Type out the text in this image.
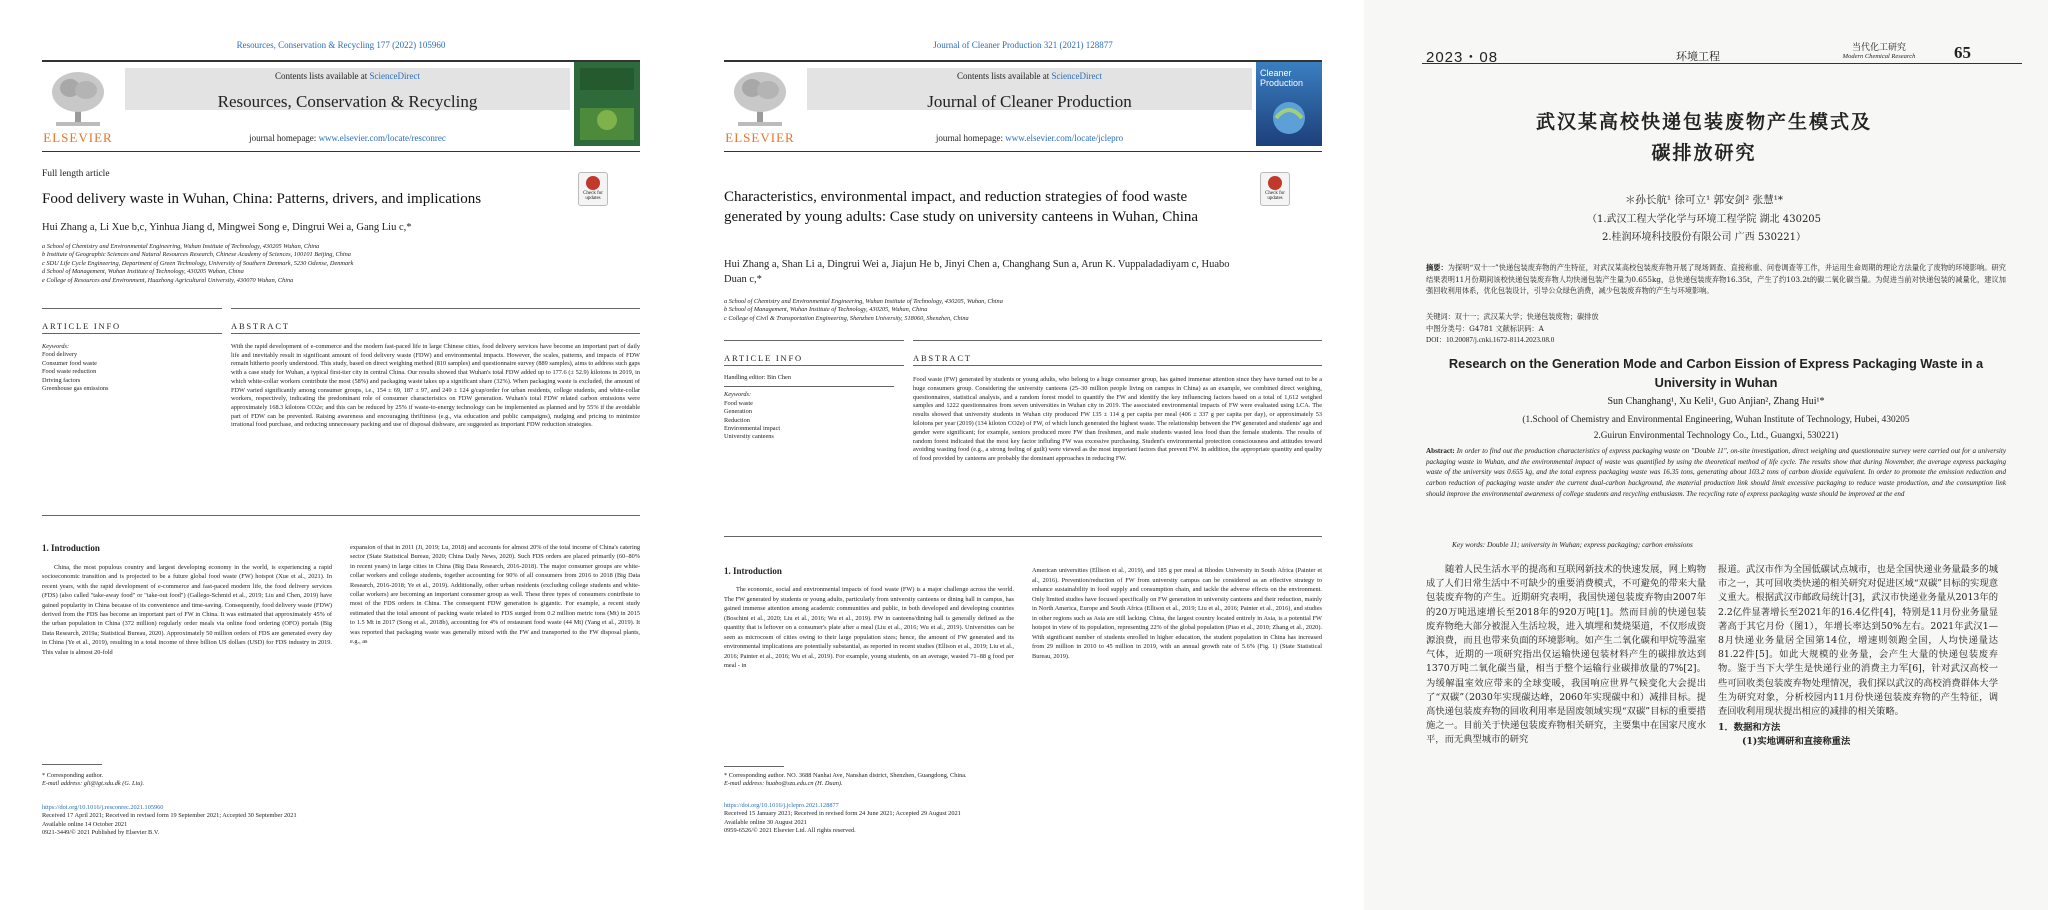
Resources, Conservation & Recycling 177 (2022) 105960
ELSEVIER
Contents lists available at ScienceDirect
Resources, Conservation & Recycling
journal homepage: www.elsevier.com/locate/resconrec
Full length article
Check for updates
Food delivery waste in Wuhan, China: Patterns, drivers, and implications
Hui Zhang a, Li Xue b,c, Yinhua Jiang d, Mingwei Song e, Dingrui Wei a, Gang Liu c,*
a School of Chemistry and Environmental Engineering, Wuhan Institute of Technology, 430205 Wuhan, China
b Institute of Geographic Sciences and Natural Resources Research, Chinese Academy of Sciences, 100101 Beijing, China
c SDU Life Cycle Engineering, Department of Green Technology, University of Southern Denmark, 5230 Odense, Denmark
d School of Management, Wuhan Institute of Technology, 430205 Wuhan, China
e College of Resources and Environment, Huazhong Agricultural University, 430070 Wuhan, China
ARTICLE INFO	ABSTRACT
Keywords:
Food delivery
Consumer food waste
Food waste reduction
Driving factors
Greenhouse gas emissions
With the rapid development of e-commerce and the modern fast-paced life in large Chinese cities, food delivery services have become an important part of daily life and inevitably result in significant amount of food delivery waste (FDW) and environmental impacts. However, the scales, patterns, and impacts of FDW remain hitherto poorly understood. This study, based on direct weighing method (810 samples) and questionnaire survey (889 samples), aims to address such gaps with a case study for Wuhan, a typical first-tier city in central China. Our results showed that Wuhan's total FDW added up to 177.6 (± 52.9) kilotons in 2019, in which white-collar workers contribute the most (58%) and packaging waste takes up a significant share (32%). When packaging waste is excluded, the amount of FDW varied significantly among consumer groups, i.e., 154 ± 69, 187 ± 97, and 249 ± 124 g/cap/order for urban residents, college students, and white-collar workers, respectively, indicating the predominant role of consumer characteristics on FDW generation. Wuhan's total FDW related carbon emissions were approximately 168.3 kilotons CO2e; and this can be reduced by 25% if waste-to-energy technology can be implemented as planned and by 55% if the avoidable part of FDW can be prevented. Raising awareness and encouraging thriftiness (e.g., via education and public campaigns), nudging and pricing to minimize irrational food purchase, and reducing unnecessary packing and use of disposal dishware, are suggested as important FDW reduction strategies.
1. Introduction
China, the most populous country and largest developing economy in the world, is experiencing a rapid socioeconomic transition and is projected to be a future global food waste (FW) hotspot (Xue et al., 2021). In recent years, with the rapid development of e-commerce and fast-paced modern life, the food delivery services (FDS) (also called "take-away food" or "take-out food") (Gallego-Schmid et al., 2019; Liu and Chen, 2019) have gained popularity in China because of its convenience and time-saving. Consequently, food delivery waste (FDW) derived from the FDS has become an important part of FW in China. It was estimated that approximately 45% of the urban population in China (372 million) regularly order meals via online food ordering (OFO) portals (Big Data Research, 2019a; Statistical Bureau, 2020). Approximately 50 million orders of FDS are generated every day in China (Ye et al., 2019), resulting in a total income of three billion US dollars (USD) for FDS industry in 2019. This value is almost 20-fold
expansion of that in 2011 (Ji, 2019; Lu, 2018) and accounts for almost 20% of the total income of China's catering sector (State Statistical Bureau, 2020; China Daily News, 2020). Such FDS orders are placed primarily (60–80% in recent years) in large cities in China (Big Data Research, 2016-2018). The major consumer groups are white-collar workers and college students, together accounting for 90% of all consumers from 2016 to 2018 (Big Data Research, 2016-2018; Ye et al., 2019). Additionally, other urban residents (excluding college students and white-collar workers) are becoming an important consumer group as well. These three types of consumers contribute to most of the FDS orders in China. The consequent FDW generation is gigantic. For example, a recent study estimated that the total amount of packing waste related to FDS surged from 0.2 million metric tons (Mt) in 2015 to 1.5 Mt in 2017 (Song et al., 2018b), accounting for 4% of restaurant food waste (44 Mt) (Yang et al., 2019). It was reported that packaging waste was generally mixed with the FW and transported to the FW disposal plants, e.g., as
* Corresponding author.
E-mail address: gli@igt.sdu.dk (G. Liu).
https://doi.org/10.1016/j.resconrec.2021.105960
Received 17 April 2021; Received in revised form 19 September 2021; Accepted 30 September 2021
Available online 14 October 2021
0921-3449/© 2021 Published by Elsevier B.V.
Journal of Cleaner Production 321 (2021) 128877
ELSEVIER
Contents lists available at ScienceDirect
Journal of Cleaner Production
journal homepage: www.elsevier.com/locate/jclepro
Cleaner Production
Check for updates
Characteristics, environmental impact, and reduction strategies of food waste generated by young adults: Case study on university canteens in Wuhan, China
Hui Zhang a, Shan Li a, Dingrui Wei a, Jiajun He b, Jinyi Chen a, Changhang Sun a, Arun K. Vuppaladadiyam c, Huabo Duan c,*
a School of Chemistry and Environmental Engineering, Wuhan Institute of Technology, 430205, Wuhan, China
b School of Management, Wuhan Institute of Technology, 430205, Wuhan, China
c College of Civil & Transportation Engineering, Shenzhen University, 518060, Shenzhen, China
ARTICLE INFO	ABSTRACT
Handling editor: Bin Chen
Keywords:
Food waste
Generation
Reduction
Environmental impact
University canteens
Food waste (FW) generated by students or young adults, who belong to a huge consumer group, has gained immense attention since they have turned out to be a huge consumers group. Considering the university canteens (25–30 million people living on campus in China) as an example, we combined direct weighing, questionnaires, statistical analysis, and a random forest model to quantify the FW and identify the key influencing factors based on a total of 1,612 weighed samples and 1222 questionnaires from seven universities in Wuhan city in 2019. The associated environmental impacts of FW were evaluated using LCA. The results showed that university students in Wuhan city produced FW 135 ± 114 g per capita per meal (406 ± 337 g per capita per day), or approximately 53 kilotons per year (2019) (134 kiloton CO2e) of FW, of which lunch generated the highest waste. The relationship between the FW generated and students' age and gender were significant; for example, seniors produced more FW than freshmen, and male students wasted less food than the female students. The results of random forest indicated that the most key factor influfing FW was excessive purchasing. Student's environmental protection consciousness and attitudes toward avoiding wasting food (e.g., a strong feeling of guilt) were viewed as the most important factors that prevent FW. In addition, the appropriate quantity and quality of food provided by canteens are probably the dominant approaches in reducing FW.
1. Introduction
The economic, social and environmental impacts of food waste (FW) is a major challenge across the world. The FW generated by students or young adults, particularly from university canteens or dining hall in campus, has gained immense attention among academic communities and public, in both developed and developing countries (Boschini et al., 2020; Liu et al., 2016; Wu et al., 2019). FW in canteens/dining hall is generally defined as the quantity that is leftover on a consumer's plate after a meal (Liu et al., 2016; Wu et al., 2019). Universities can be seen as microcosm of cities owing to their large population sizes; hence, the amount of FW generated and its environmental implications are potentially substantial, as reported in recent studies (Ellison et al., 2019; Liu et al., 2016; Painter et al., 2016; Wu et al., 2019). For example, young students, on an average, wasted 71–88 g food per meal - in
American universities (Ellison et al., 2019), and 185 g per meal at Rhodes University in South Africa (Painter et al., 2016). Prevention/reduction of FW from university campus can be considered as an effective strategy to enhance sustainability in food supply and consumption chain, and tackle the adverse effects on the environment. Only limited studies have focused specifically on FW generation in university canteens and their reduction, mainly in North America, Europe and South Africa (Ellison et al., 2019; Liu et al., 2016; Painter et al., 2016), and studies in other regions such as Asia are still lacking. China, the largest country located entirely in Asia, is a potential FW hotspot in view of its population, representing 22% of the global population (Piao et al., 2010; Zhang et al., 2020). With significant number of students enrolled in higher education, the student population in China has increased from 29 million in 2010 to 45 million in 2019, with an annual growth rate of 5.6% (Fig. 1) (State Statistical Bureau, 2019).
* Corresponding author. NO. 3688 Nanhai Ave, Nanshan district, Shenzhen, Guangdong, China.
E-mail address: huabo@szu.edu.cn (H. Duan).
https://doi.org/10.1016/j.jclepro.2021.128877
Received 15 January 2021; Received in revised form 24 June 2021; Accepted 29 August 2021
Available online 30 August 2021
0959-6526/© 2021 Elsevier Ltd. All rights reserved.
2023・08	环境工程
当代化工研究
Modern Chemical Research	65
武汉某高校快递包装废物产生模式及
碳排放研究
＊孙长航¹ 徐可立¹ 郭安剑² 张慧¹*
（1.武汉工程大学化学与环境工程学院 湖北 430205
2.桂润环境科技股份有限公司 广西 530221）
摘要：为探明“双十一”快递包装废弃物的产生特征，对武汉某高校包装废弃物开展了现场调查、直接称重、问卷调查等工作，并运用生命周期的理论方法量化了废物的环境影响。研究结果表明11月份期间该校快递包装废弃物人均快递包装产生量为0.655kg，总快递包装废弃物16.35t，产生了约103.2t的碳二氧化碳当量。为促进当前对快递包装的减量化，建议加强回收利用体系，优化包装设计，引导公众绿色消费，减少包装废弃物的产生与环境影响。
关键词：双十一；武汉某大学；快递包装废物；碳排放
中图分类号：G4781 文献标识码：A
DOI：10.20087/j.cnki.1672-8114.2023.08.0
Research on the Generation Mode and Carbon Eission of Express Packaging Waste in a University in Wuhan
Sun Changhang¹, Xu Keli¹, Guo Anjian², Zhang Hui¹*
(1.School of Chemistry and Environmental Engineering, Wuhan Institute of Technology, Hubei, 430205
2.Guirun Environmental Technology Co., Ltd., Guangxi, 530221)
Abstract: In order to find out the production characteristics of express packaging waste on "Double 11", on-site investigation, direct weighing and questionnaire survey were carried out for a university packaging waste in Wuhan, and the environmental impact of waste was quantified by using the theoretical method of life cycle. The results show that during November, the average express packaging waste of the university was 0.655 kg, and the total express packaging waste was 16.35 tons, generating about 103.2 tons of carbon dioxide equivalent. In order to promote the emission reduction and carbon reduction of packaging waste under the current dual-carbon background, the material production link should limit excessive packaging to reduce waste production, and the consumption link should improve the environmental awareness of college students and recycling enthusiasm. The recycling rate of express packaging waste should be improved at the end
Key words: Double 11; university in Wuhan; express packaging; carbon emissions
随着人民生活水平的提高和互联网新技术的快速发展，网上购物成了人们日常生活中不可缺少的重要消费模式，不可避免的带来大量包装废弃物的产生。近期研究表明，我国快递包装废弃物由2007年的20万吨迅速增长至2018年的920万吨[1]。然而目前的快递包装废弃物绝大部分被混入生活垃圾，进入填埋和焚烧渠道，不仅形成资源浪费，而且也带来负面的环境影响。如产生二氧化碳和甲烷等温室气体，近期的一项研究指出仅运输快递包装材料产生的碳排放达到1370万吨二氧化碳当量，相当于整个运输行业碳排放量的7%[2]。为缓解温室效应带来的全球变暖，我国响应世界气候变化大会提出了“双碳”（2030年实现碳达峰，2060年实现碳中和）减排目标。提高快递包装废弃物的回收利用率是固废领域实现“双碳”目标的重要措施之一。目前关于快递包装废弃物相关研究，主要集中在国家尺度水平，而无典型城市的研究
报道。武汉市作为全国低碳试点城市，也是全国快递业务量最多的城市之一，其可回收类快递的相关研究对促进区域“双碳”目标的实现意义重大。根据武汉市邮政局统计[3]，武汉市快递业务量从2013年的2.2亿件显著增长至2021年的16.4亿件[4]，特别是11月份业务量显著高于其它月份（图1），年增长率达到50%左右。2021年武汉1—8月快递业务量居全国第14位，增速则领跑全国，人均快递量达81.22件[5]。如此大规模的业务量，会产生大量的快递包装废弃物。鉴于当下大学生是快递行业的消费主力军[6]，针对武汉高校一些可回收类包装废弃物处理情况，我们探以武汉的高校消费群体大学生为研究对象，分析校园内11月份快递包装废弃物的产生特征，调查回收利用现状提出相应的减排的相关策略。
1．数据和方法
(1)实地调研和直接称重法
